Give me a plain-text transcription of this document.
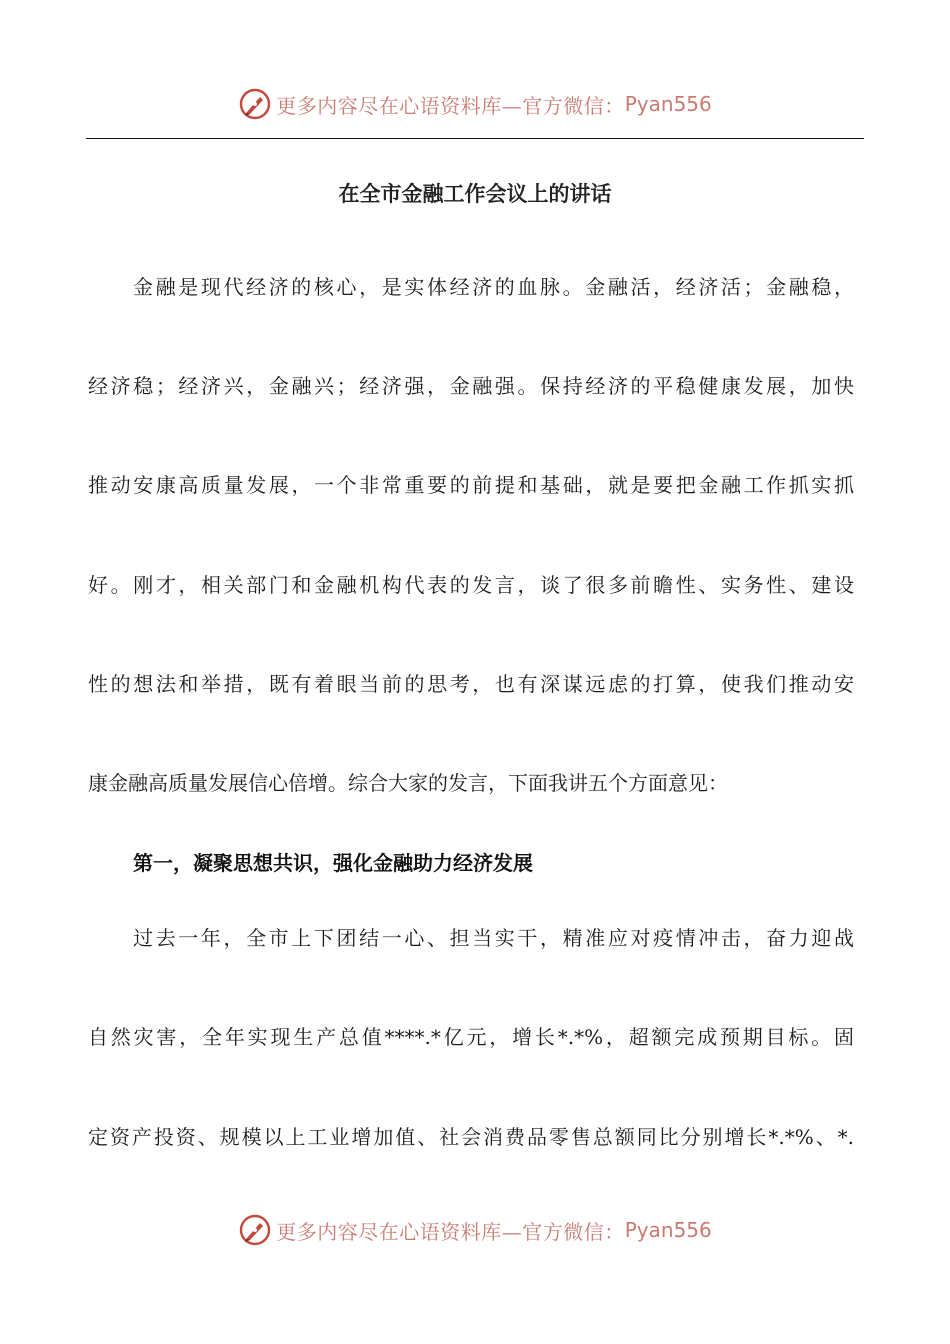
更多内容尽在心语资料库—官方微信： Pyan556
在全市金融工作会议上的讲话
金融是现代经济的核心，是实体经济的血脉。金融活，经济活；金融稳，
经济稳；经济兴，金融兴；经济强，金融强。保持经济的平稳健康发展，加快
推动安康高质量发展，一个非常重要的前提和基础，就是要把金融工作抓实抓
好。刚才，相关部门和金融机构代表的发言，谈了很多前瞻性、实务性、建设
性的想法和举措，既有着眼当前的思考，也有深谋远虑的打算，使我们推动安
康金融高质量发展信心倍增。综合大家的发言，下面我讲五个方面意见：
第一，凝聚思想共识，强化金融助力经济发展
过去一年，全市上下团结一心、担当实干，精准应对疫情冲击，奋力迎战
自然灾害，全年实现生产总值****.*亿元，增长*.*%，超额完成预期目标。固
定资产投资、规模以上工业增加值、社会消费品零售总额同比分别增长*.*%、*.
更多内容尽在心语资料库—官方微信： Pyan556
